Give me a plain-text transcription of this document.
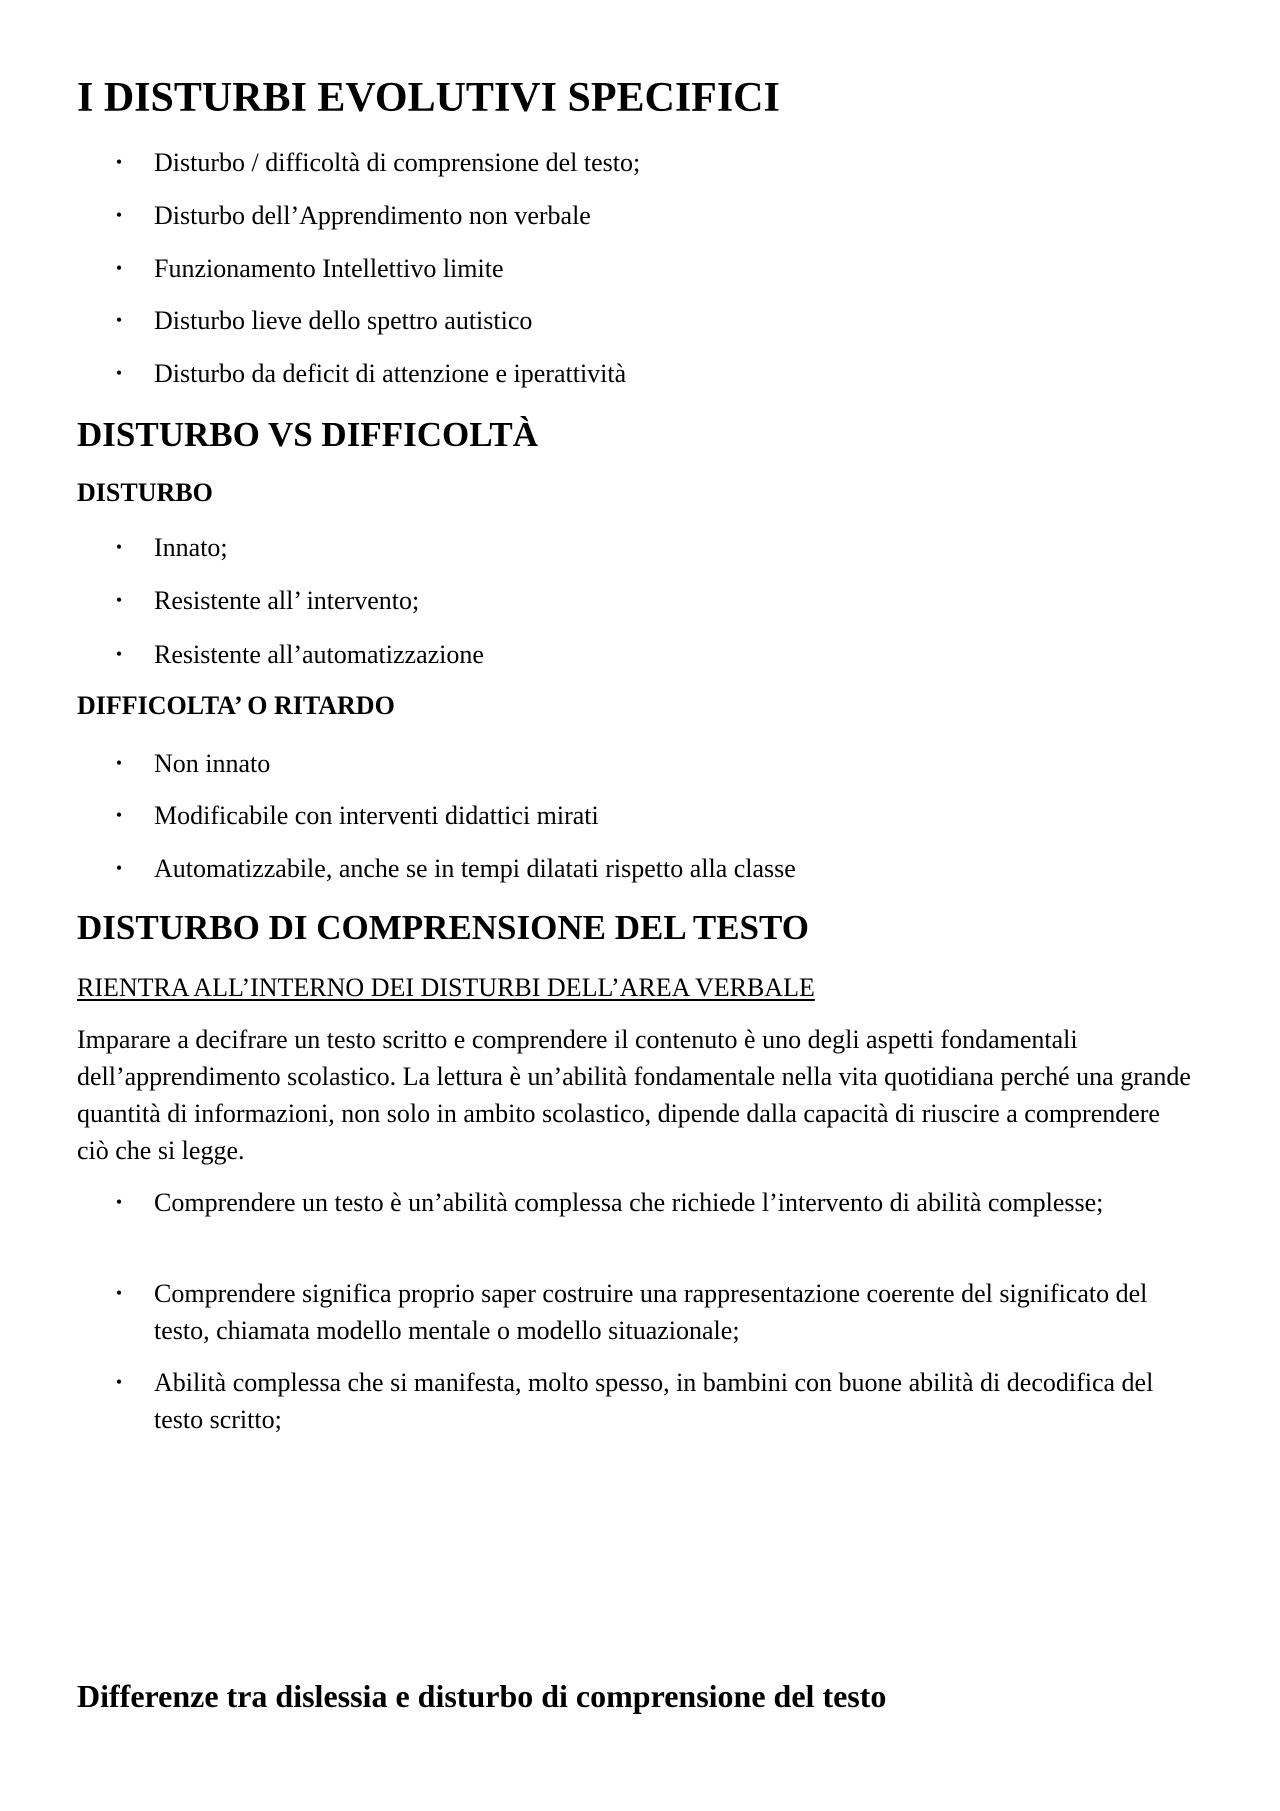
I DISTURBI EVOLUTIVI SPECIFICI
• Disturbo / difficoltà di comprensione del testo;
• Disturbo dell’Apprendimento non verbale
• Funzionamento Intellettivo limite
• Disturbo lieve dello spettro autistico
• Disturbo da deficit di attenzione e iperattività
DISTURBO VS DIFFICOLTÀ
DISTURBO
• Innato;
• Resistente all’ intervento;
• Resistente all’automatizzazione
DIFFICOLTA’ O RITARDO
• Non innato
• Modificabile con interventi didattici mirati
• Automatizzabile, anche se in tempi dilatati rispetto alla classe
DISTURBO DI COMPRENSIONE DEL TESTO

RIENTRA ALL’INTERNO DEI DISTURBI DELL’AREA VERBALE

Imparare a decifrare un testo scritto e comprendere il contenuto è uno degli aspetti fondamentali dell’apprendimento scolastico. La lettura è un’abilità fondamentale nella vita quotidiana perché una grande quantità di informazioni, non solo in ambito scolastico, dipende dalla capacità di riuscire a comprendere ciò che si legge.

• Comprendere un testo è un’abilità complessa che richiede l’intervento di abilità complesse;
• Comprendere significa proprio saper costruire una rappresentazione coerente del significato del testo, chiamata modello mentale o modello situazionale;
• Abilità complessa che si manifesta, molto spesso, in bambini con buone abilità di decodifica del testo scritto;
Differenze tra dislessia e disturbo di comprensione del testo
